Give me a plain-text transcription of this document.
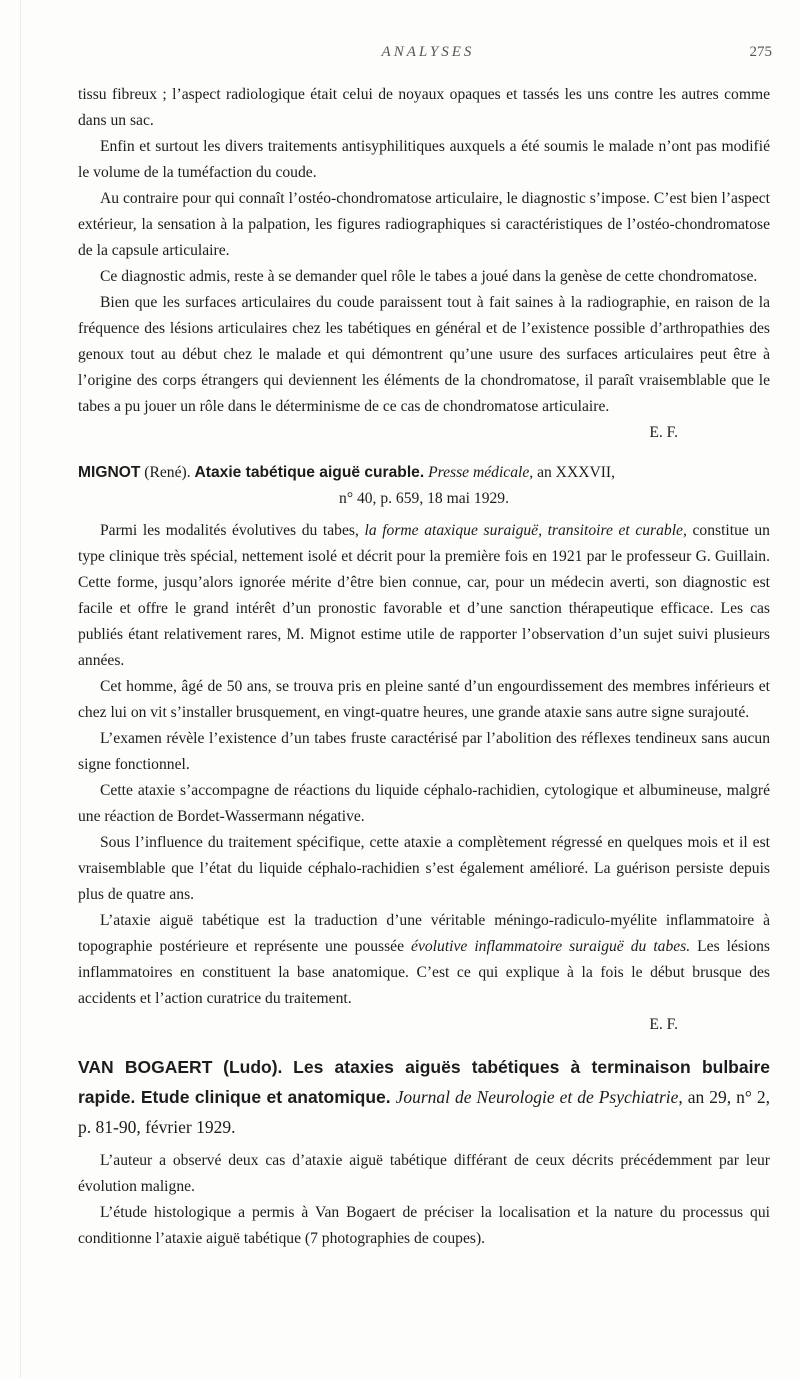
ANALYSES	275

tissu fibreux ; l’aspect radiologique était celui de noyaux opaques et tassés les uns contre les autres comme dans un sac.

Enfin et surtout les divers traitements antisyphilitiques auxquels a été soumis le malade n’ont pas modifié le volume de la tuméfaction du coude.

Au contraire pour qui connaît l’ostéo-chondromatose articulaire, le diagnostic s’impose. C’est bien l’aspect extérieur, la sensation à la palpation, les figures radiographiques si caractéristiques de l’ostéo-chondromatose de la capsule articulaire.

Ce diagnostic admis, reste à se demander quel rôle le tabes a joué dans la genèse de cette chondromatose.

Bien que les surfaces articulaires du coude paraissent tout à fait saines à la radiographie, en raison de la fréquence des lésions articulaires chez les tabétiques en général et de l’existence possible d’arthropathies des genoux tout au début chez le malade et qui démontrent qu’une usure des surfaces articulaires peut être à l’origine des corps étrangers qui deviennent les éléments de la chondromatose, il paraît vraisemblable que le tabes a pu jouer un rôle dans le déterminisme de ce cas de chondromatose articulaire.

E. F.
MIGNOT (René). Ataxie tabétique aiguë curable. Presse médicale, an XXXVII,
n° 40, p. 659, 18 mai 1929.

Parmi les modalités évolutives du tabes, la forme ataxique suraiguë, transitoire et curable, constitue un type clinique très spécial, nettement isolé et décrit pour la première fois en 1921 par le professeur G. Guillain. Cette forme, jusqu’alors ignorée mérite d’être bien connue, car, pour un médecin averti, son diagnostic est facile et offre le grand intérêt d’un pronostic favorable et d’une sanction thérapeutique efficace. Les cas publiés étant relativement rares, M. Mignot estime utile de rapporter l’observation d’un sujet suivi plusieurs années.

Cet homme, âgé de 50 ans, se trouva pris en pleine santé d’un engourdissement des membres inférieurs et chez lui on vit s’installer brusquement, en vingt-quatre heures, une grande ataxie sans autre signe surajouté.

L’examen révèle l’existence d’un tabes fruste caractérisé par l’abolition des réflexes tendineux sans aucun signe fonctionnel.

Cette ataxie s’accompagne de réactions du liquide céphalo-rachidien, cytologique et albumineuse, malgré une réaction de Bordet-Wassermann négative.

Sous l’influence du traitement spécifique, cette ataxie a complètement régressé en quelques mois et il est vraisemblable que l’état du liquide céphalo-rachidien s’est également amélioré. La guérison persiste depuis plus de quatre ans.

L’ataxie aiguë tabétique est la traduction d’une véritable méningo-radiculo-myélite inflammatoire à topographie postérieure et représente une poussée évolutive inflammatoire suraiguë du tabes. Les lésions inflammatoires en constituent la base anatomique. C’est ce qui explique à la fois le début brusque des accidents et l’action curatrice du traitement.

E. F.
VAN BOGAERT (Ludo). Les ataxies aiguës tabétiques à terminaison bulbaire rapide. Etude clinique et anatomique. Journal de Neurologie et de Psychiatrie, an 29, n° 2, p. 81-90, février 1929.

L’auteur a observé deux cas d’ataxie aiguë tabétique différant de ceux décrits précédemment par leur évolution maligne.

L’étude histologique a permis à Van Bogaert de préciser la localisation et la nature du processus qui conditionne l’ataxie aiguë tabétique (7 photographies de coupes).
